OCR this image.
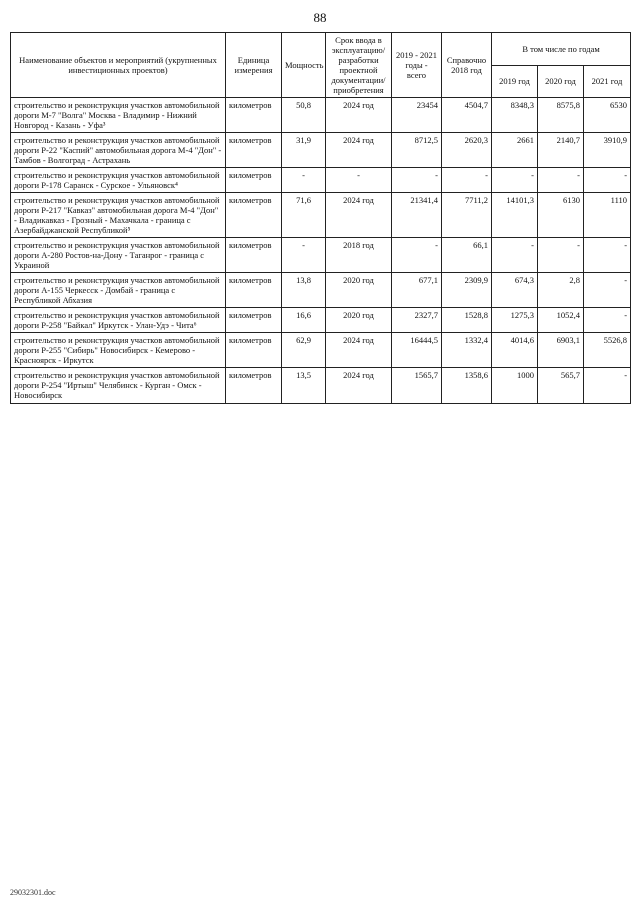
88
Наименование объектов и мероприятий (укрупненных инвестиционных проектов)	Единица измерения	Мощность	Срок ввода в эксплуатацию/ разработки проектной документации/ приобретения	2019 - 2021 годы - всего	Справочно 2018 год	В том числе по годам		
						2019 год	2020 год	2021 год
строительство и реконструкция участков автомобильной дороги М-7 "Волга" Москва - Владимир - Нижний Новгород - Казань - Уфа³	километров	50,8	2024 год	23454	4504,7	8348,3	8575,8	6530
строительство и реконструкция участков автомобильной дороги Р-22 "Каспий" автомобильная дорога М-4 "Дон" - Тамбов - Волгоград - Астрахань	километров	31,9	2024 год	8712,5	2620,3	2661	2140,7	3910,9
строительство и реконструкция участков автомобильной дороги Р-178 Саранск - Сурское - Ульяновск⁴	километров	-	-	-	-	-	-	-
строительство и реконструкция участков автомобильной дороги Р-217 "Кавказ" автомобильная дорога М-4 "Дон" - Владикавказ - Грозный - Махачкала - граница с Азербайджанской Республикой⁵	километров	71,6	2024 год	21341,4	7711,2	14101,3	6130	1110
строительство и реконструкция участков автомобильной дороги А-280 Ростов-на-Дону - Таганрог - граница с Украиной	километров	-	2018 год	-	66,1	-	-	-
строительство и реконструкция участков автомобильной дороги А-155 Черкесск - Домбай - граница с Республикой Абхазия	километров	13,8	2020 год	677,1	2309,9	674,3	2,8	-
строительство и реконструкция участков автомобильной дороги Р-258 "Байкал" Иркутск - Улан-Удэ - Чита⁶	километров	16,6	2020 год	2327,7	1528,8	1275,3	1052,4	-
строительство и реконструкция участков автомобильной дороги Р-255 "Сибирь" Новосибирск - Кемерово - Красноярск - Иркутск	километров	62,9	2024 год	16444,5	1332,4	4014,6	6903,1	5526,8
строительство и реконструкция участков автомобильной дороги Р-254 "Иртыш" Челябинск - Курган - Омск - Новосибирск	километров	13,5	2024 год	1565,7	1358,6	1000	565,7	-
29032301.doc
